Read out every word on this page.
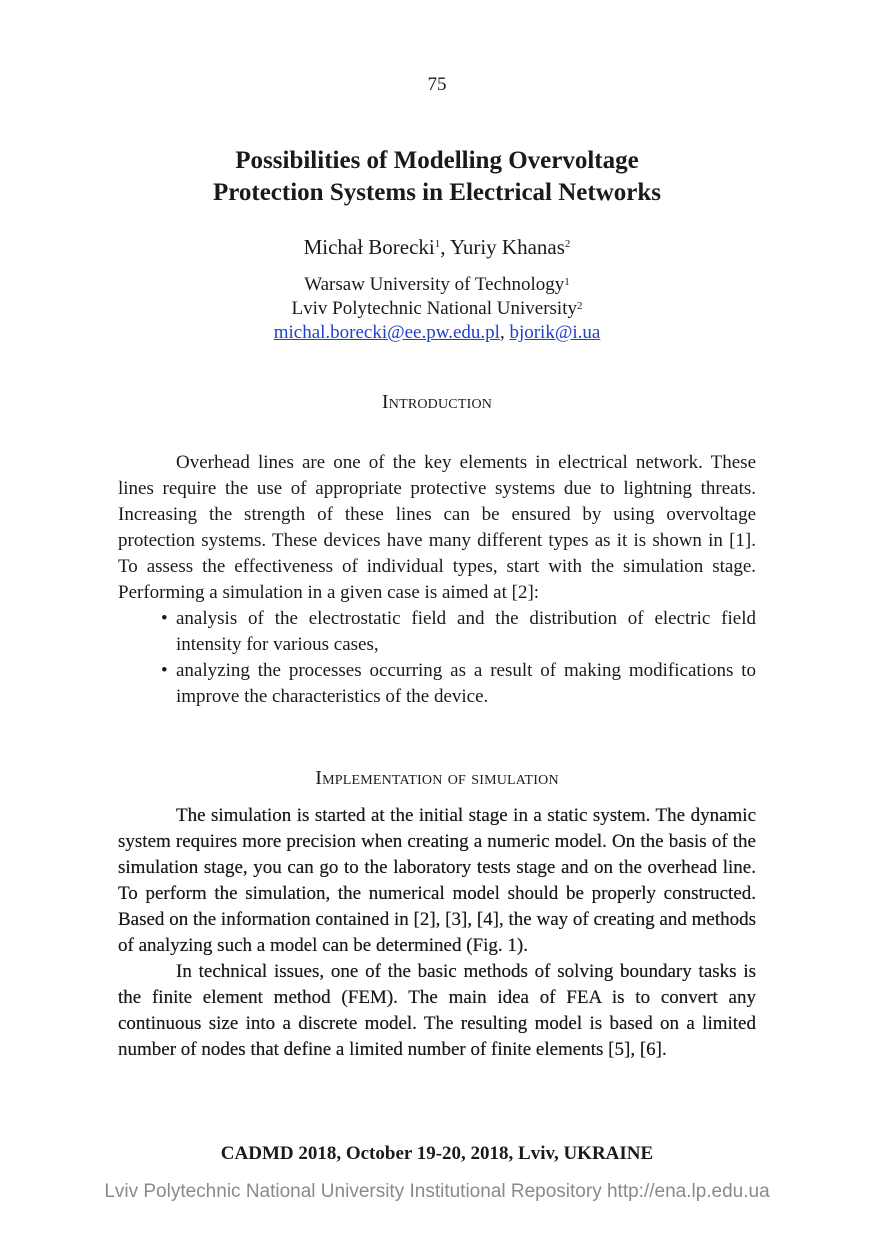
75
Possibilities of Modelling Overvoltage
Protection Systems in Electrical Networks
Michał Borecki$^1$, Yuriy Khanas$^2$
Warsaw University of Technology$^1$
Lviv Polytechnic National University$^2$
michal.borecki@ee.pw.edu.pl, bjorik@i.ua
Introduction

Overhead lines are one of the key elements in electrical network. These lines require the use of appropriate protective systems due to lightning threats. Increasing the strength of these lines can be ensured by using overvoltage protection systems. These devices have many different types as it is shown in [1]. To assess the effectiveness of individual types, start with the simulation stage. Performing a simulation in a given case is aimed at [2]:

• analysis of the electrostatic field and the distribution of electric field intensity for various cases,
• analyzing the processes occurring as a result of making modifications to improve the characteristics of the device.
Implementation of simulation

The simulation is started at the initial stage in a static system. The dynamic system requires more precision when creating a numeric model. On the basis of the simulation stage, you can go to the laboratory tests stage and on the overhead line. To perform the simulation, the numerical model should be properly constructed. Based on the information contained in [2], [3], [4], the way of creating and methods of analyzing such a model can be determined (Fig. 1).

In technical issues, one of the basic methods of solving boundary tasks is the finite element method (FEM). The main idea of FEA is to convert any continuous size into a discrete model. The resulting model is based on a limited number of nodes that define a limited number of finite elements [5], [6].

CADMD 2018, October 19-20, 2018, Lviv, UKRAINE
Lviv Polytechnic National University Institutional Repository http://ena.lp.edu.ua
